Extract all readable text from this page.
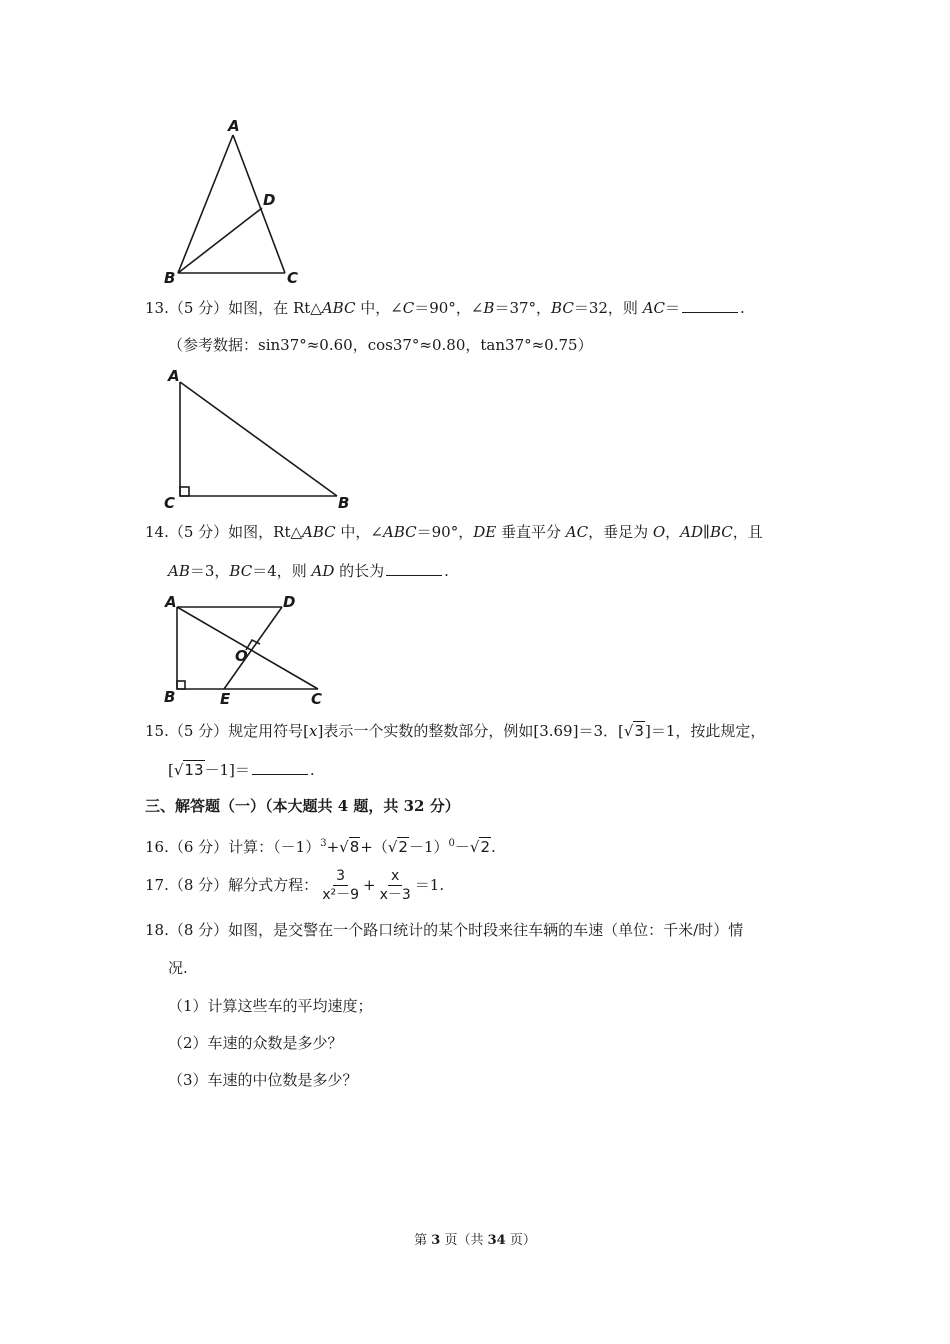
A
D
B	C
13.（5 分）如图，在 Rt△ABC 中，∠C＝90°，∠B＝37°，BC＝32，则 AC＝	.
（参考数据：sin37°≈0.60，cos37°≈0.80，tan37°≈0.75）
A
C	B
14.（5 分）如图，Rt△ABC 中，∠ABC＝90°，DE 垂直平分 AC，垂足为 O，AD∥BC，且
AB＝3，BC＝4，则 AD 的长为	.
A	D
O
B	E	C
15.（5 分）规定用符号[x]表示一个实数的整数部分，例如[3.69]＝3．[√3]＝1，按此规定，
[√13－1]＝	.
三、解答题（一）（本大题共 4 题，共 32 分）
16.（6 分）计算：$(-1)^3+√8+(√2-1)^0-√2$.
17. （8 分） 解分式方程： $\frac{3}{\text{x²－9}} + \frac{x}{x-3} =1$.
18.（8 分）如图，是交警在一个路口统计的某个时段来往车辆的车速（单位：千米/时）情
况.
（1）计算这些车的平均速度；
（2）车速的众数是多少？
（3）车速的中位数是多少？
第 3 页（共 34 页）
